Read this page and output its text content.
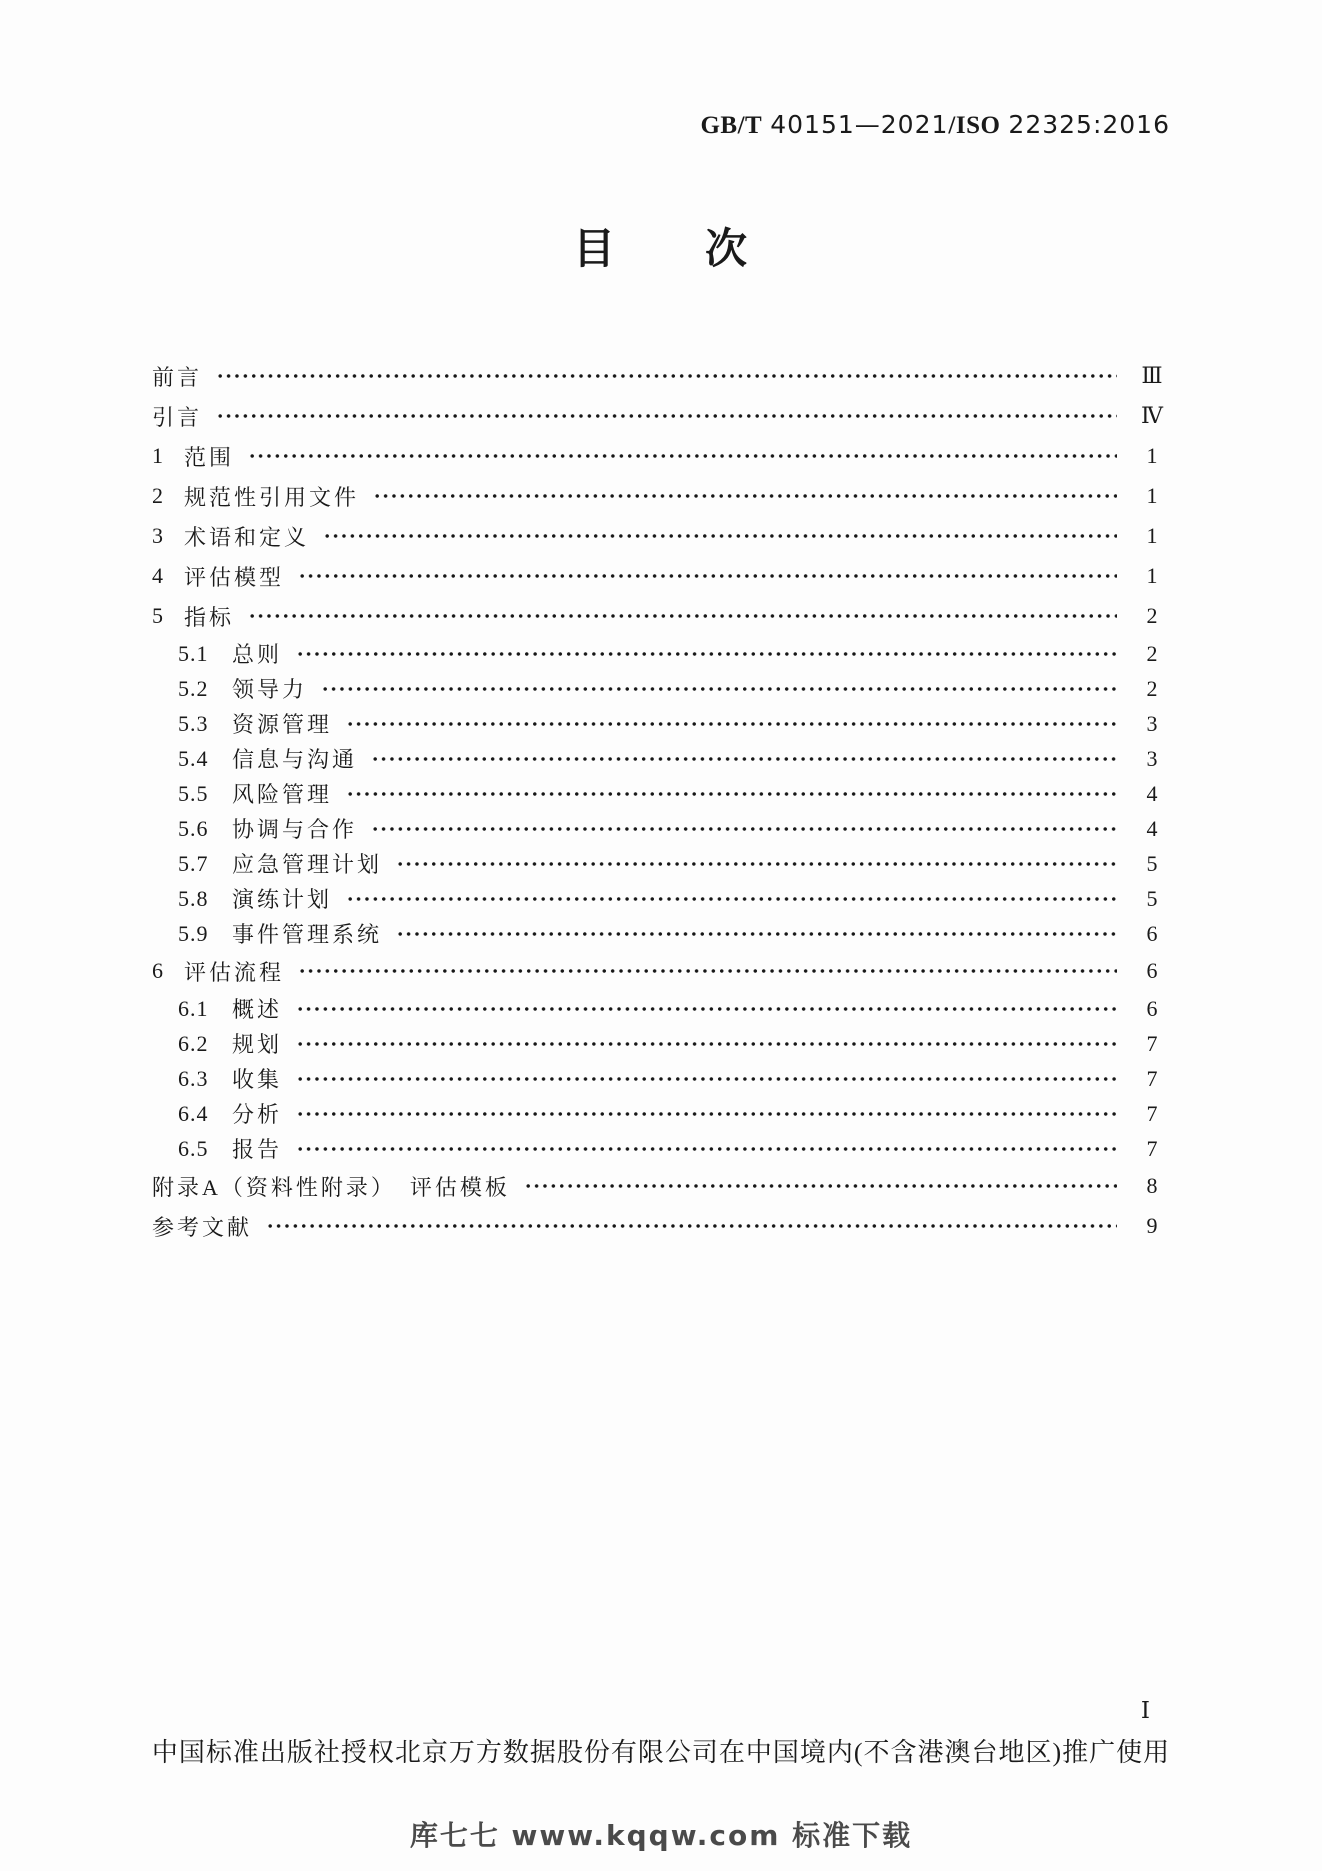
GB/T 40151—2021/ISO 22325:2016
目　　次
前言	Ⅲ
引言	Ⅳ
1 范围	1
2 规范性引用文件	1
3 术语和定义	1
4 评估模型	1
5 指标	2
5.1	总则	2
5.2	领导力	2
5.3	资源管理	3
5.4	信息与沟通	3
5.5	风险管理	4
5.6	协调与合作	4
5.7	应急管理计划	5
5.8	演练计划	5
5.9	事件管理系统	6
6 评估流程	6
6.1	概述	6
6.2	规划	7
6.3	收集	7
6.4	分析	7
6.5	报告	7
附录A（资料性附录）　评估模板	8
参考文献	9
Ⅰ
中国标准出版社授权北京万方数据股份有限公司在中国境内(不含港澳台地区)推广使用
库七七 www.kqqw.com 标准下载
